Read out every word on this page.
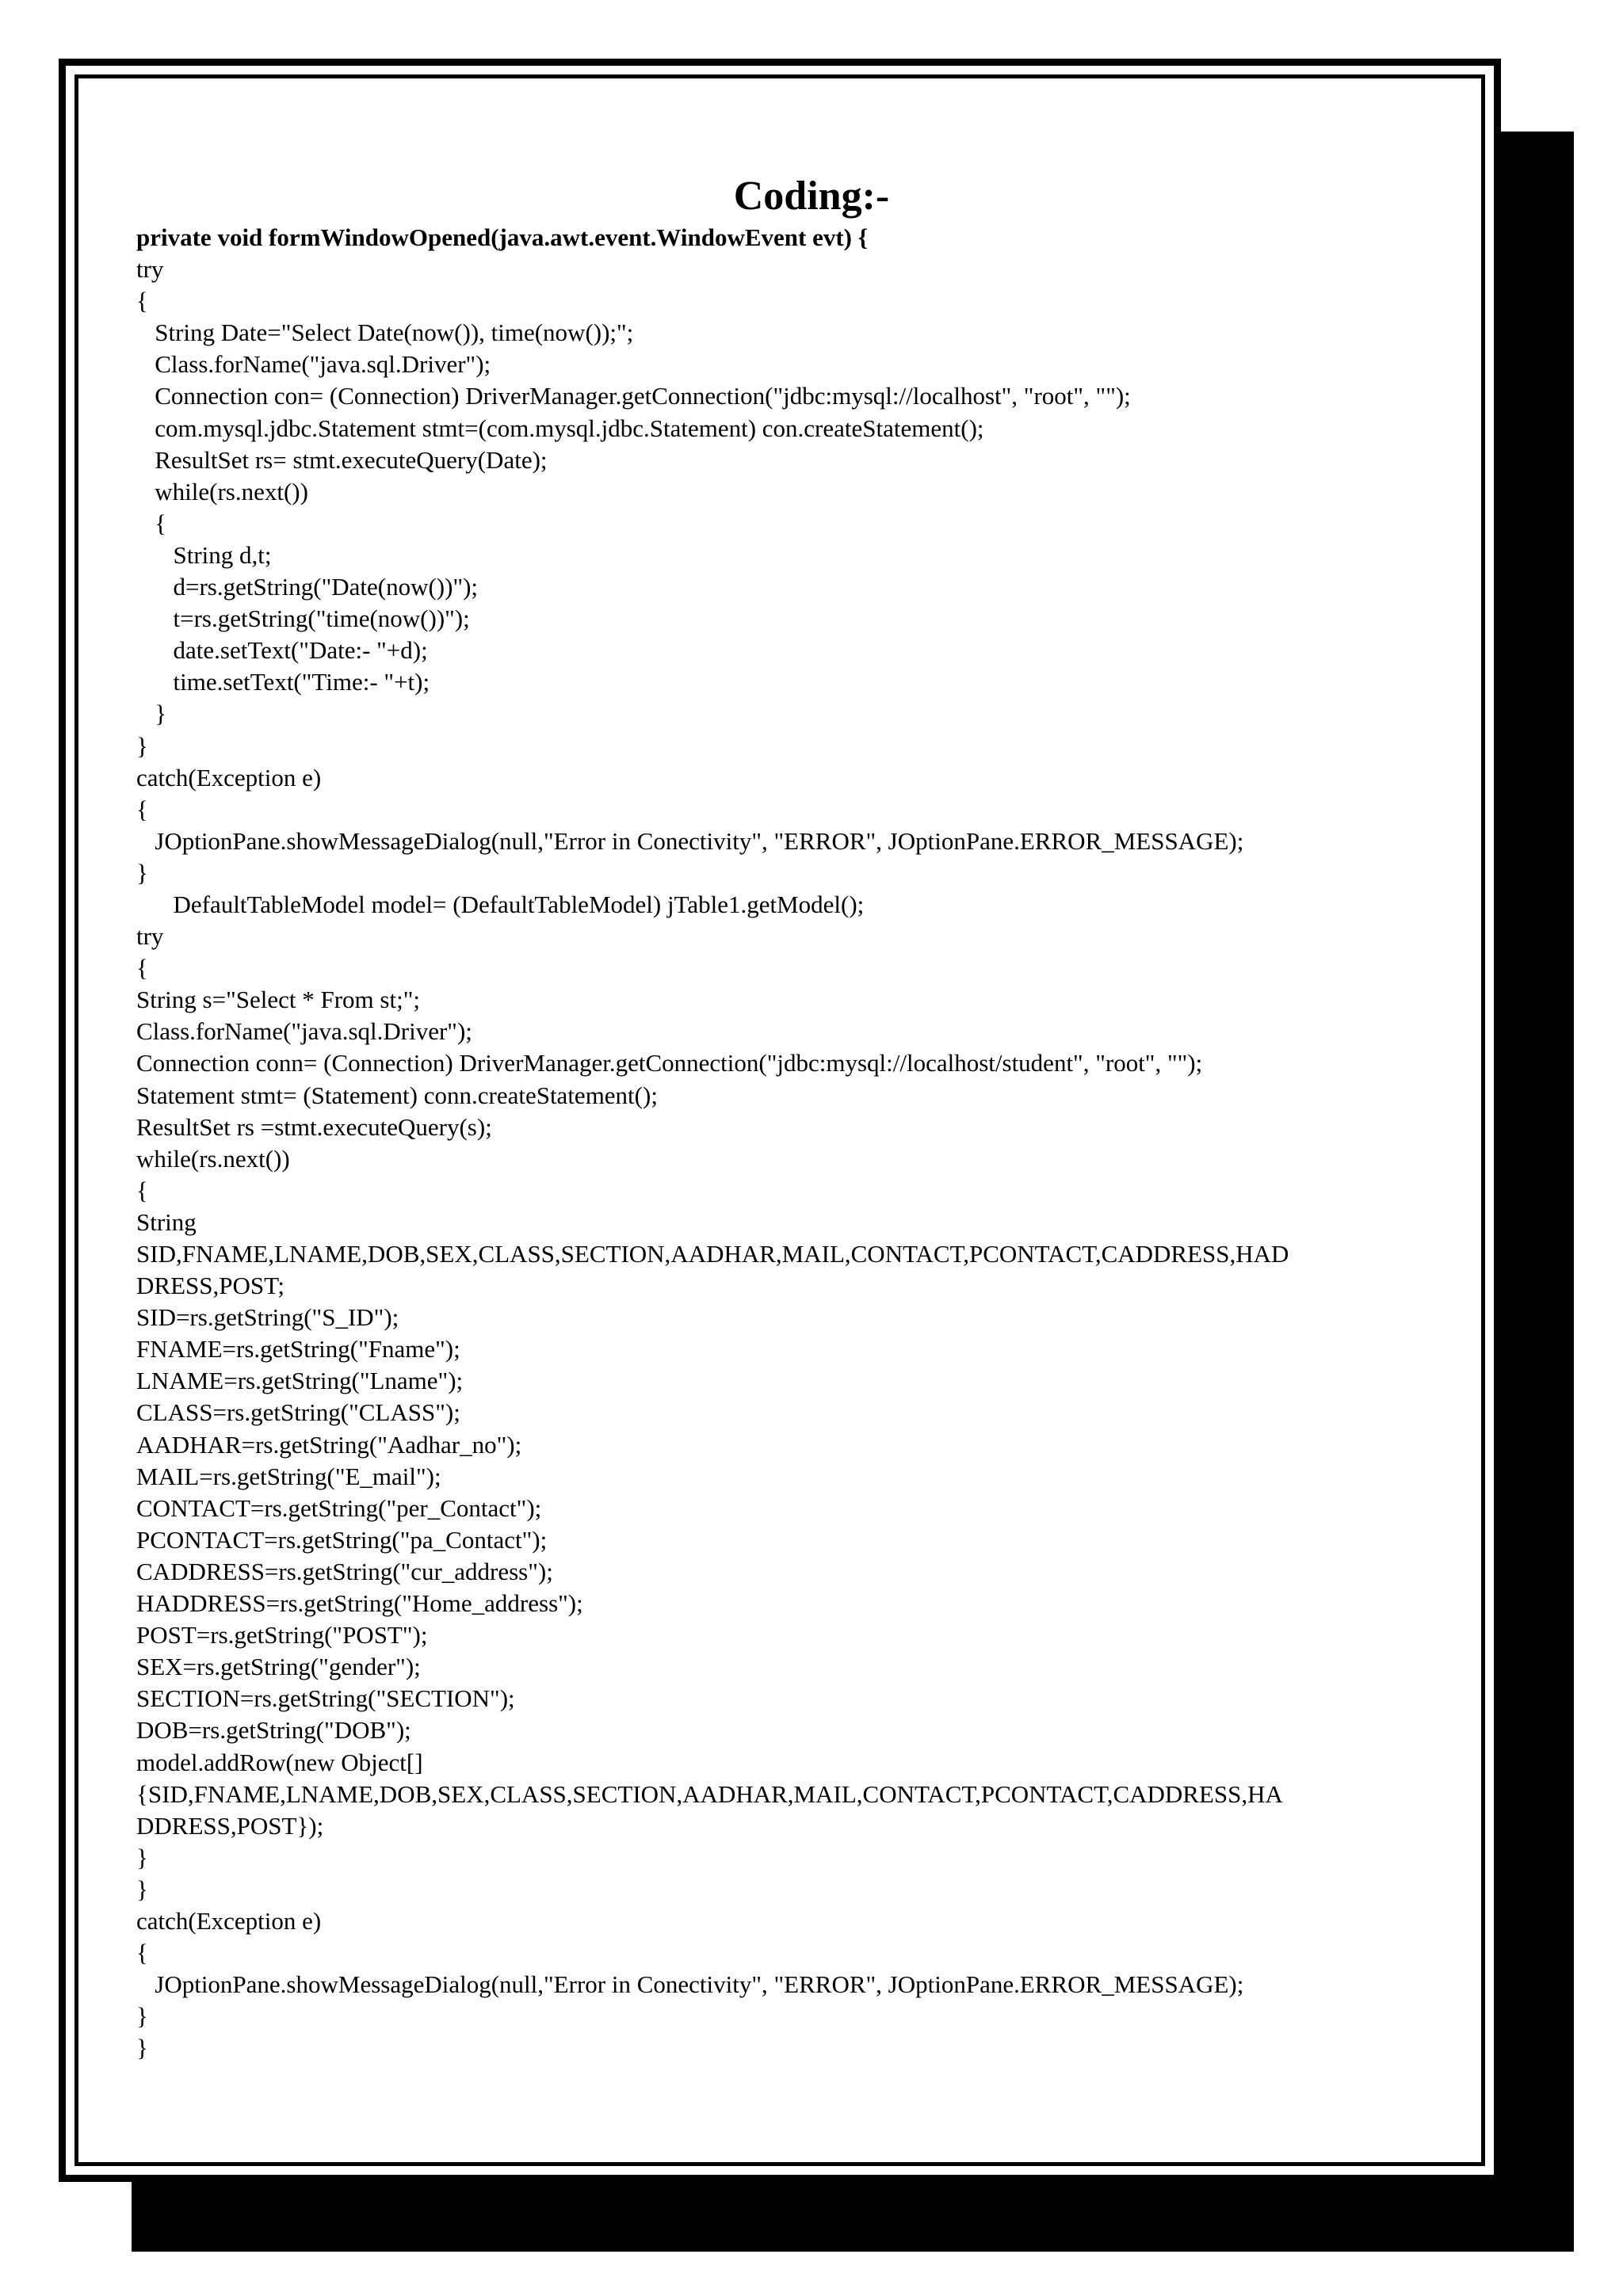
Coding:-
private void formWindowOpened(java.awt.event.WindowEvent evt) {
try
{
String Date="Select Date(now()), time(now());";
Class.forName("java.sql.Driver");
Connection con= (Connection) DriverManager.getConnection("jdbc:mysql://localhost", "root", "");
com.mysql.jdbc.Statement stmt=(com.mysql.jdbc.Statement) con.createStatement();
ResultSet rs= stmt.executeQuery(Date);
while(rs.next())
{
String d,t;
d=rs.getString("Date(now())");
t=rs.getString("time(now())");
date.setText("Date:- "+d);
time.setText("Time:- "+t);
}
}
catch(Exception e)
{
JOptionPane.showMessageDialog(null,"Error in Conectivity", "ERROR", JOptionPane.ERROR_MESSAGE);
}
DefaultTableModel model= (DefaultTableModel) jTable1.getModel();
try
{
String s="Select * From st;";
Class.forName("java.sql.Driver");
Connection conn= (Connection) DriverManager.getConnection("jdbc:mysql://localhost/student", "root", "");
Statement stmt= (Statement) conn.createStatement();
ResultSet rs =stmt.executeQuery(s);
while(rs.next())
{
String
SID,FNAME,LNAME,DOB,SEX,CLASS,SECTION,AADHAR,MAIL,CONTACT,PCONTACT,CADDRESS,HAD
DRESS,POST;
SID=rs.getString("S_ID");
FNAME=rs.getString("Fname");
LNAME=rs.getString("Lname");
CLASS=rs.getString("CLASS");
AADHAR=rs.getString("Aadhar_no");
MAIL=rs.getString("E_mail");
CONTACT=rs.getString("per_Contact");
PCONTACT=rs.getString("pa_Contact");
CADDRESS=rs.getString("cur_address");
HADDRESS=rs.getString("Home_address");
POST=rs.getString("POST");
SEX=rs.getString("gender");
SECTION=rs.getString("SECTION");
DOB=rs.getString("DOB");
model.addRow(new Object[]
{SID,FNAME,LNAME,DOB,SEX,CLASS,SECTION,AADHAR,MAIL,CONTACT,PCONTACT,CADDRESS,HA
DDRESS,POST});
}
}
catch(Exception e)
{
JOptionPane.showMessageDialog(null,"Error in Conectivity", "ERROR", JOptionPane.ERROR_MESSAGE);
}
}
